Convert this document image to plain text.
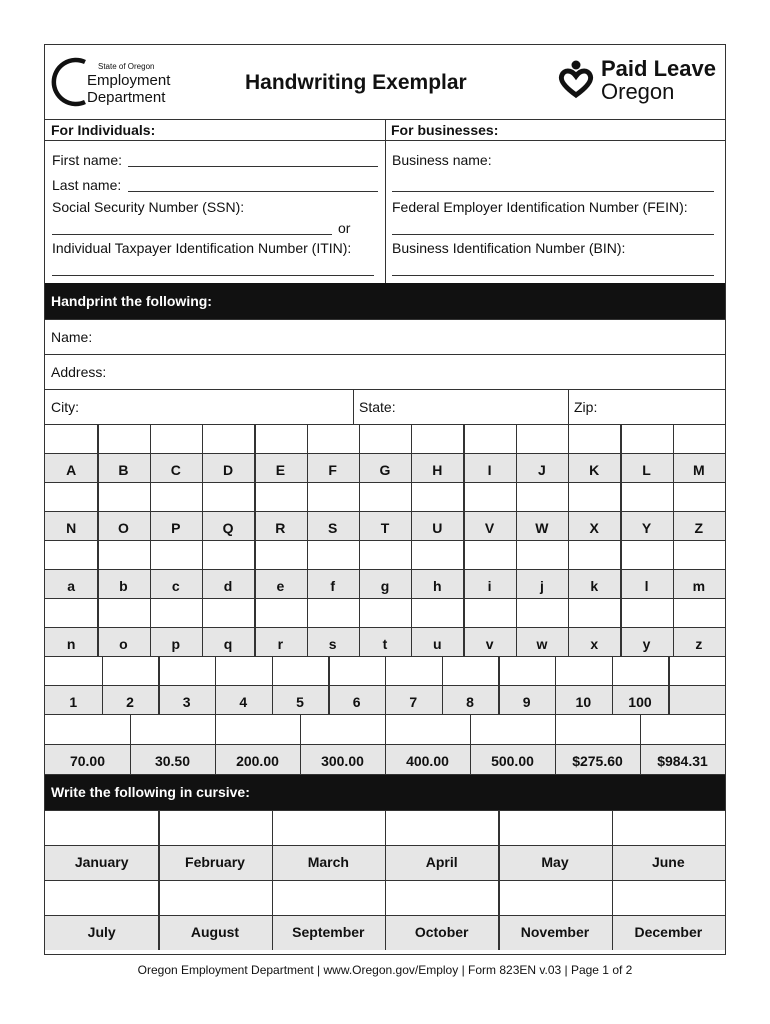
State of Oregon
Employment
Department
Handwriting Exemplar
Paid Leave
Oregon
For Individuals:	For businesses:
First name:
Last name:
Social Security Number (SSN):
or
Individual Taxpayer Identification Number (ITIN):
Business name:
Federal Employer Identification Number (FEIN):
Business Identification Number (BIN):
Handprint the following:
Name:
Address:
City:	State:	Zip:
Write the following in cursive:
A	B	C	D	E	F	G	H	I	J	K	L	M
N	O	P	Q	R	S	T	U	V	W	X	Y	Z
a	b	c	d	e	f	g	h	i	j	k	l	m
n	o	p	q	r	s	t	u	v	w	x	y	z
1	2	3	4	5	6	7	8	9	10	100
70.00	30.50	200.00	300.00	400.00	500.00	$275.60	$984.31
January	February	March	April	May	June
July	August	September	October	November	December
Oregon Employment Department | www.Oregon.gov/Employ | Form 823EN v.03 | Page 1 of 2
